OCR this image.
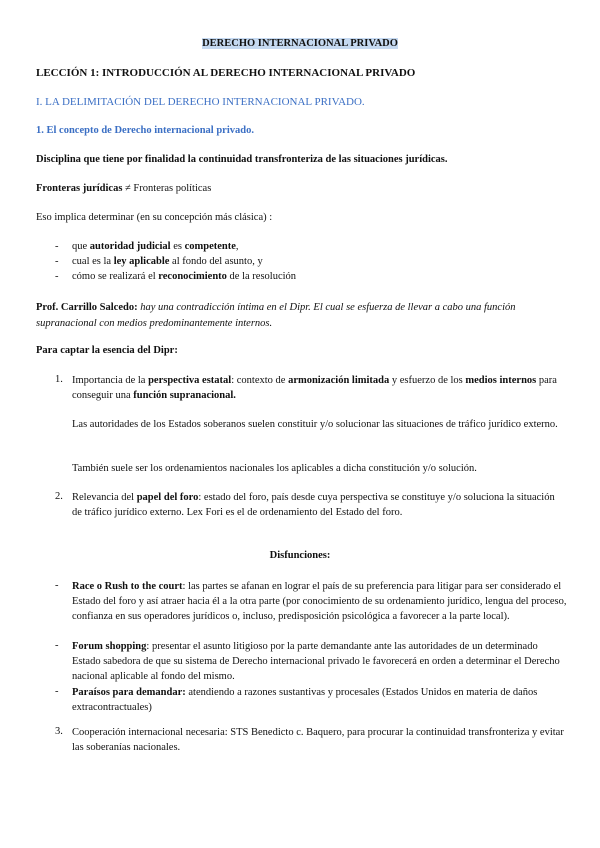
DERECHO INTERNACIONAL PRIVADO
LECCIÓN 1: INTRODUCCIÓN AL DERECHO INTERNACIONAL PRIVADO
I. LA DELIMITACIÓN DEL DERECHO INTERNACIONAL PRIVADO.
1. El concepto de Derecho internacional privado.
Disciplina que tiene por finalidad la continuidad transfronteriza de las situaciones jurídicas.
Fronteras jurídicas ≠ Fronteras políticas
Eso implica determinar (en su concepción más clásica) :
- que autoridad judicial es competente,
- cual es la ley aplicable al fondo del asunto, y
- cómo se realizará el reconocimiento de la resolución
Prof. Carrillo Salcedo: hay una contradicción íntima en el Dipr. El cual se esfuerza de llevar a cabo una función supranacional con medios predominantemente internos.
Para captar la esencia del Dipr:
1. Importancia de la perspectiva estatal: contexto de armonización limitada y esfuerzo de los medios internos para conseguir una función supranacional.
Las autoridades de los Estados soberanos suelen constituir y/o solucionar las situaciones de tráfico jurídico externo.
También suele ser los ordenamientos nacionales los aplicables a dicha constitución y/o solución.
2. Relevancia del papel del foro: estado del foro, país desde cuya perspectiva se constituye y/o soluciona la situación de tráfico jurídico externo. Lex Fori es el de ordenamiento del Estado del foro.
Disfunciones:
- Race o Rush to the court: las partes se afanan en lograr el país de su preferencia para litigar para ser considerado el Estado del foro y así atraer hacia él a la otra parte (por conocimiento de su ordenamiento jurídico, lengua del proceso, confianza en sus operadores jurídicos o, incluso, predisposición psicológica a favorecer a la parte local).
- Forum shopping: presentar el asunto litigioso por la parte demandante ante las autoridades de un determinado Estado sabedora de que su sistema de Derecho internacional privado le favorecerá en orden a determinar el Derecho nacional aplicable al fondo del mismo.
- Paraísos para demandar: atendiendo a razones sustantivas y procesales (Estados Unidos en materia de daños extracontractuales)
3. Cooperación internacional necesaria: STS Benedicto c. Baquero, para procurar la continuidad transfronteriza y evitar las soberanías nacionales.
